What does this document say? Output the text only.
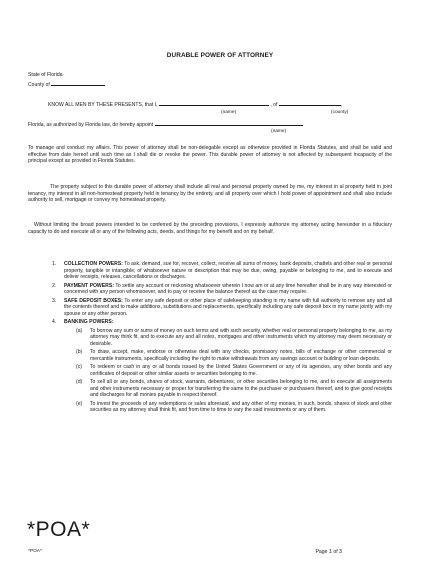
DURABLE POWER OF ATTORNEY
State of Florida
County of
KNOW ALL MEN BY THESE PRESENTS, that I,	, of	,
(name)	(county)
Florida, as authorized by Florida law, do hereby appoint
(name)
To manage and conduct my affairs. This power of attorney shall be non-delegable except as otherwise provided in Florida Statutes, and shall be valid and effective from date hereof until such time as I shall die or revoke the power. This durable power of attorney is not affected by subsequent incapacity of the principal except as provided in Florida Statutes.
The property subject to this durable power of attorney shall include all real and personal property owned by me, my interest in al property held in joint tenancy, my interest in all non-homestead property held in tenancy by the entirety, and all property over which I hold power of appointment and shall also include authority to sell, mortgage or convey my homestead property.
Without limiting the broad powers intended to be conferred by the preceding provisions, I expressly authorize my attorney acting hereunder in a fiduciary capacity to do and execute all or any of the following acts, deeds, and things for my benefit and on my behalf.
1. COLLECTION POWERS: To ask, demand, sue for, recover, collect, receive all sums of money, bank deposits, chattels and other real or personal property, tangible or intangible; of whatsoever nature or description that may be due, owing, payable or belonging to me, and to execute and deliver receipts, releases, cancellations or discharges.
2. PAYMENT POWERS: To settle any account or reckoning whatsoever wherein I now am or at any time hereafter shall be in any way interested or concerned with any person whomsoever, and to pay or receive the balance thereof as the case may require.
3. SAFE DEPOSIT BOXES: To enter any safe deposit or other place of safekeeping standing in my name with full authority to remove any and all the contents thereof and to make additions, substitutions and replacements, specifically including any safe deposit box in my name jointly with my spouse or any other person.
4. BANKING POWERS:
(a) To borrow any sum or sums of money on such terms and with such security, whether real or personal property belonging to me, as my attorney may think fit, and to execute any and all notes, mortgages and other instruments which my attorney may deem necessary or desirable.
(b) To draw, accept, make, endorse or otherwise deal with any checks, promissory notes, bills of exchange or other commercial or mercantile instruments, specifically including the right to make withdrawals from any savings account or building or loan deposits.
(c) To redeem or cash in any or all bonds issued by the United States Government or any of its agencies, any other bonds and any certificates of deposit or other similar assets or securities belonging to me.
(d) To sell all or any bonds, shares of stock, warrants, debentures, or other securities belonging to me, and to execute all assignments and other instruments necessary or proper for transferring the same to the purchaser or purchasers thereof, and to give good receipts and discharges for all monies payable in respect thereof.
(e) To invest the proceeds of any redemptions or sales aforesaid, and any other of my monies, in such, bonds, shares of stock and other securities as my attorney shall think fit, and from time to time to vary the said investments or any of them.
*POA*
*POA*	Page 1 of 3
